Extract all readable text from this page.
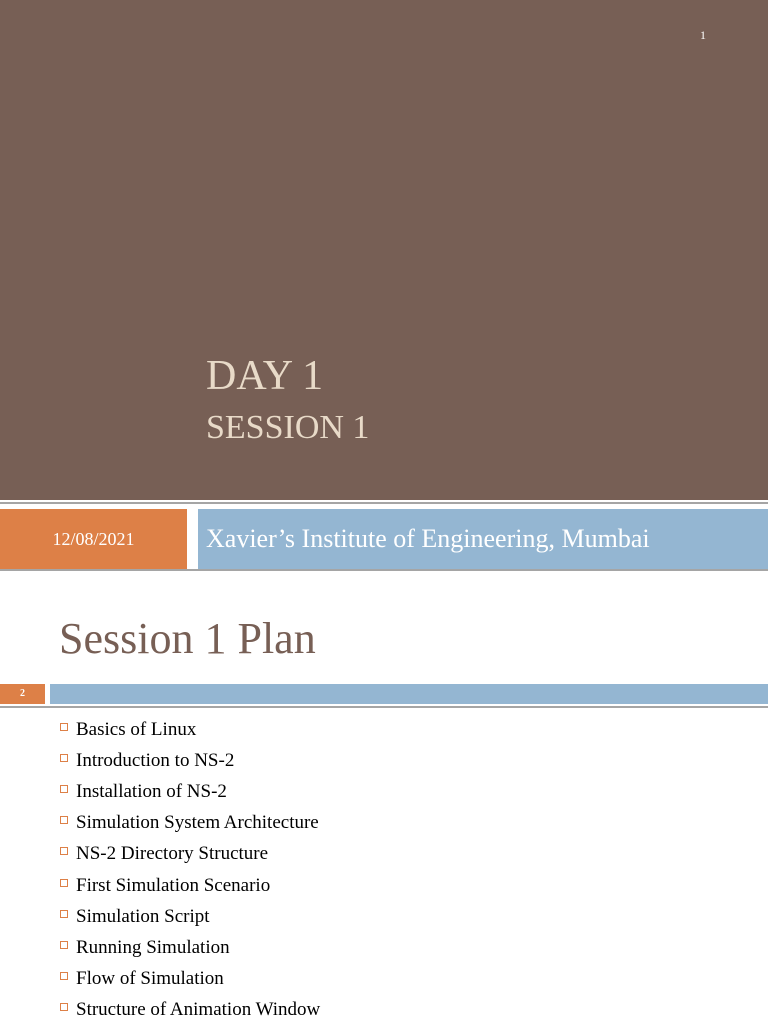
1
DAY 1
SESSION 1
12/08/2021	Xavier’s Institute of Engineering, Mumbai
Session 1 Plan
2
Basics of Linux
Introduction to NS-2
Installation of NS-2
Simulation System Architecture
NS-2 Directory Structure
First Simulation Scenario
Simulation Script
Running Simulation
Flow of Simulation
Structure of Animation Window
